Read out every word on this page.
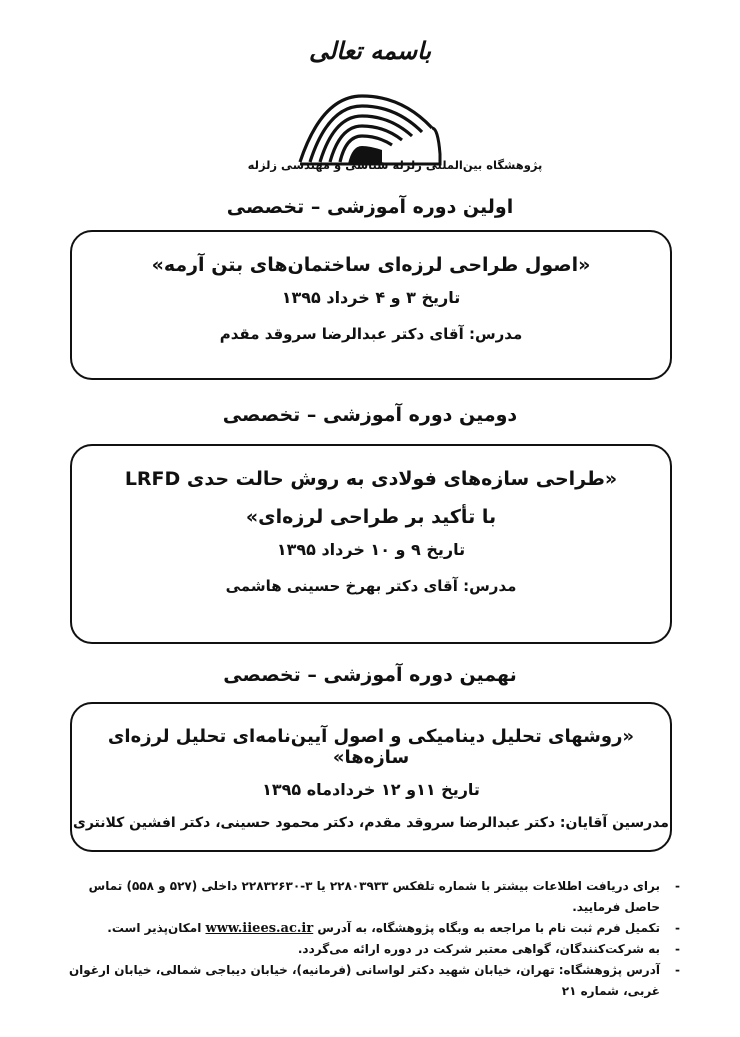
باسمه تعالی
پژوهشگاه بین‌المللی زلزله شناسی و مهندسی زلزله
اولین دوره آموزشی – تخصصی
«اصول طراحی لرزه‌ای ساختمان‌های بتن آرمه»
تاریخ ۳ و ۴ خرداد ۱۳۹۵
مدرس: آقای دکتر عبدالرضا سروقد مقدم
دومین دوره آموزشی – تخصصی
«طراحی سازه‌های فولادی به روش حالت حدی LRFD
با تأکید بر طراحی لرزه‌ای»
تاریخ ۹ و ۱۰ خرداد ۱۳۹۵
مدرس: آقای دکتر بهرخ حسینی هاشمی
نهمین دوره آموزشی – تخصصی
«روشهای تحلیل دینامیکی و اصول آیین‌نامه‌ای تحلیل لرزه‌ای سازه‌ها»
تاریخ ۱۱و ۱۲ خردادماه ۱۳۹۵
مدرسین آقایان: دکتر عبدالرضا سروقد مقدم، دکتر محمود حسینی، دکتر افشین کلانتری
-
برای دریافت اطلاعات بیشتر با شماره تلفکس ۲۲۸۰۳۹۳۳ یا ۳-۲۲۸۳۲۶۳۰ داخلی (۵۲۷ و ۵۵۸) تماس حاصل فرمایید.
-
تکمیل فرم ثبت نام با مراجعه به وبگاه پژوهشگاه، به آدرس www.iiees.ac.ir امکان‌پذیر است.
-
به شرکت‌کنندگان، گواهی معتبر شرکت در دوره ارائه می‌گردد.
-
آدرس پژوهشگاه: تهران، خیابان شهید دکتر لواسانی (فرمانیه)، خیابان دیباجی شمالی، خیابان ارغوان غربی، شماره ۲۱
